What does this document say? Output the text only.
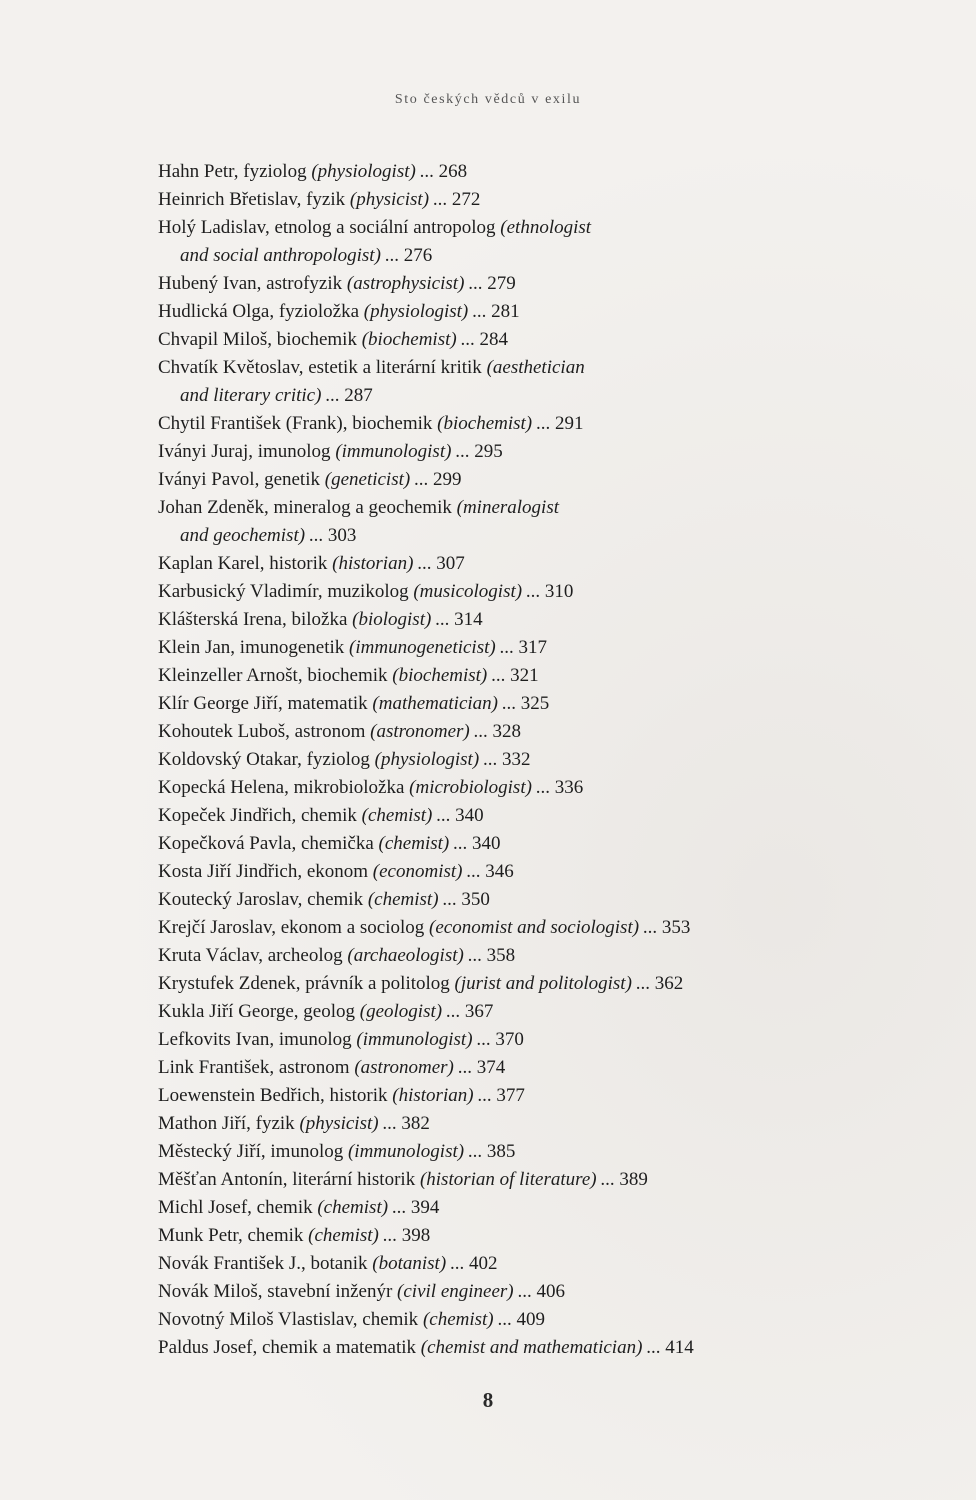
Sto českých vědců v exilu
Hahn Petr, fyziolog (physiologist) ... 268
Heinrich Břetislav, fyzik (physicist) ... 272
Holý Ladislav, etnolog a sociální antropolog (ethnologist
and social anthropologist) ... 276
Hubený Ivan, astrofyzik (astrophysicist) ... 279
Hudlická Olga, fyzioložka (physiologist) ... 281
Chvapil Miloš, biochemik (biochemist) ... 284
Chvatík Květoslav, estetik a literární kritik (aesthetician
and literary critic) ... 287
Chytil František (Frank), biochemik (biochemist) ... 291
Iványi Juraj, imunolog (immunologist) ... 295
Iványi Pavol, genetik (geneticist) ... 299
Johan Zdeněk, mineralog a geochemik (mineralogist
and geochemist) ... 303
Kaplan Karel, historik (historian) ... 307
Karbusický Vladimír, muzikolog (musicologist) ... 310
Klášterská Irena, biložka (biologist) ... 314
Klein Jan, imunogenetik (immunogeneticist) ... 317
Kleinzeller Arnošt, biochemik (biochemist) ... 321
Klír George Jiří, matematik (mathematician) ... 325
Kohoutek Luboš, astronom (astronomer) ... 328
Koldovský Otakar, fyziolog (physiologist) ... 332
Kopecká Helena, mikrobioložka (microbiologist) ... 336
Kopeček Jindřich, chemik (chemist) ... 340
Kopečková Pavla, chemička (chemist) ... 340
Kosta Jiří Jindřich, ekonom (economist) ... 346
Koutecký Jaroslav, chemik (chemist) ... 350
Krejčí Jaroslav, ekonom a sociolog (economist and sociologist) ... 353
Kruta Václav, archeolog (archaeologist) ... 358
Krystufek Zdenek, právník a politolog (jurist and politologist) ... 362
Kukla Jiří George, geolog (geologist) ... 367
Lefkovits Ivan, imunolog (immunologist) ... 370
Link František, astronom (astronomer) ... 374
Loewenstein Bedřich, historik (historian) ... 377
Mathon Jiří, fyzik (physicist) ... 382
Městecký Jiří, imunolog (immunologist) ... 385
Měšťan Antonín, literární historik (historian of literature) ... 389
Michl Josef, chemik (chemist) ... 394
Munk Petr, chemik (chemist) ... 398
Novák František J., botanik (botanist) ... 402
Novák Miloš, stavební inženýr (civil engineer) ... 406
Novotný Miloš Vlastislav, chemik (chemist) ... 409
Paldus Josef, chemik a matematik (chemist and mathematician) ... 414
8
